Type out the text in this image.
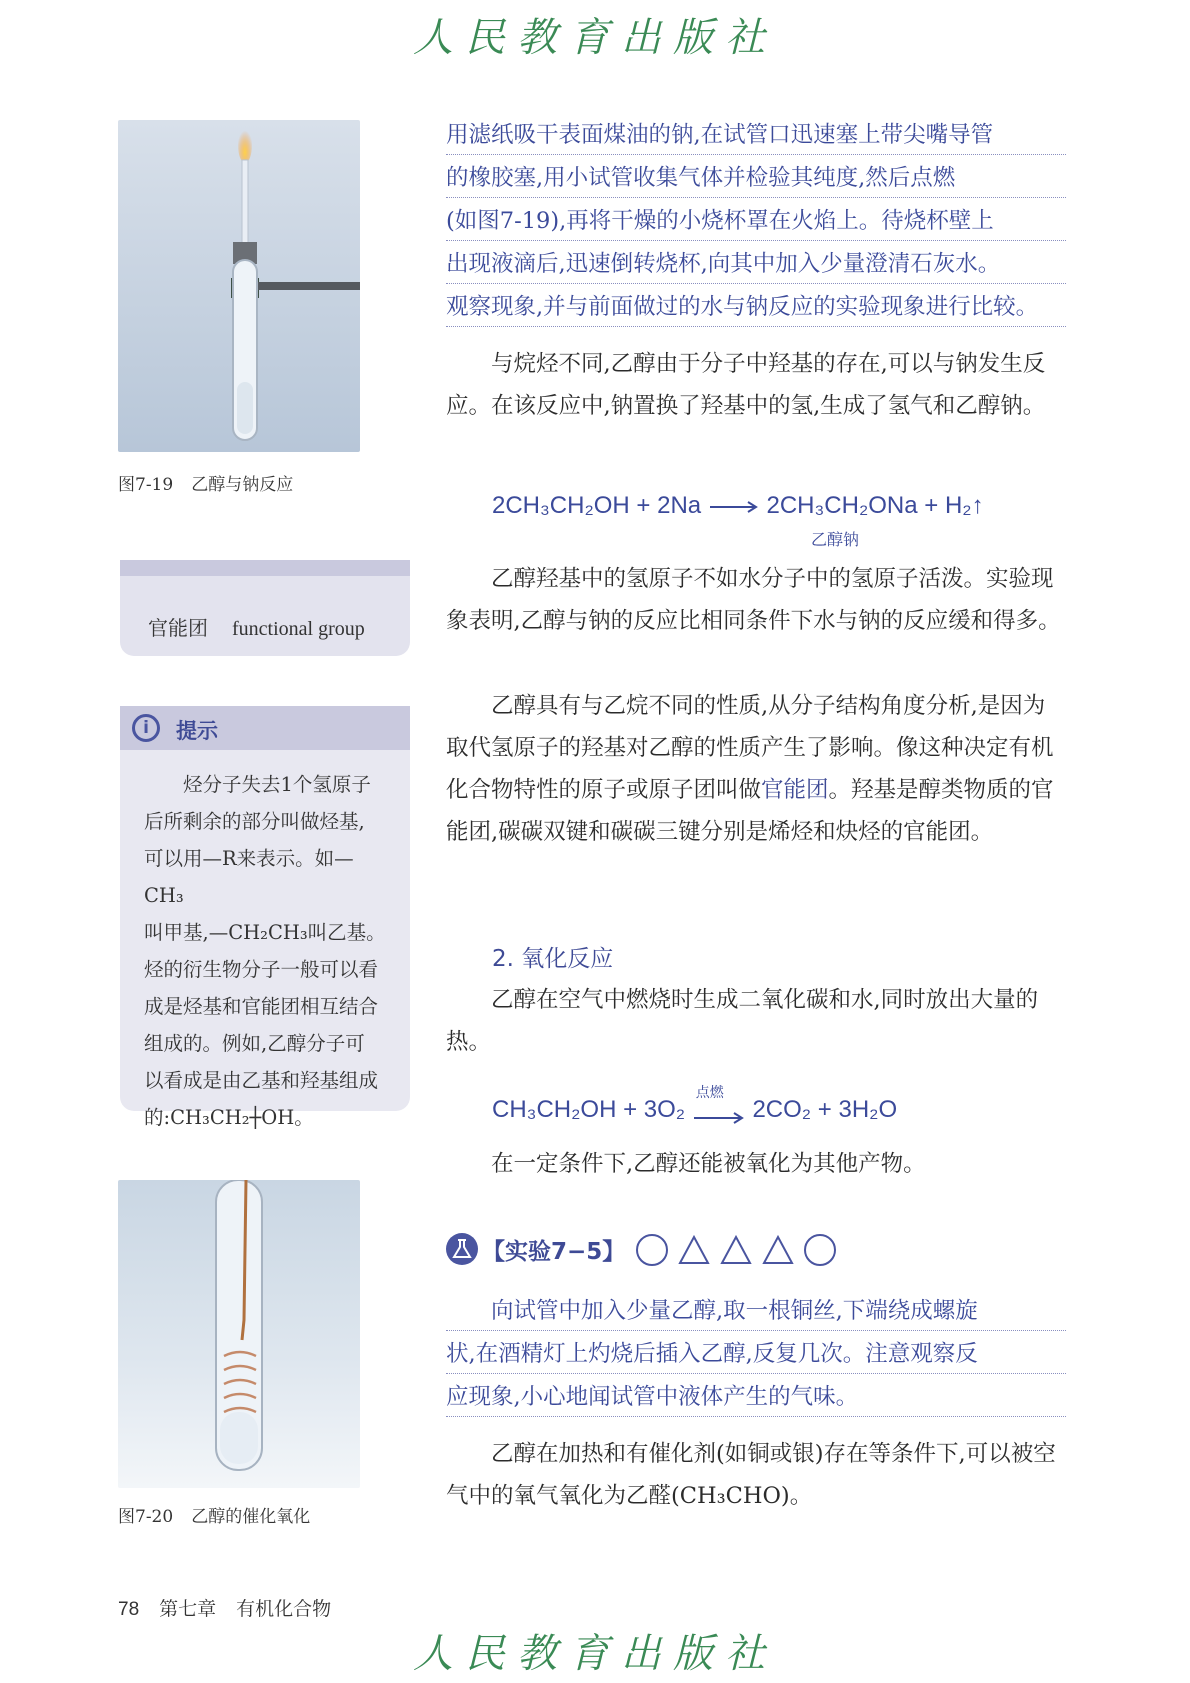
人民教育出版社
图7-19 乙醇与钠反应
官能团 functional group
i	提示
烃分子失去1个氢原子
后所剩余的部分叫做烃基,
可以用—R来表示。如—CH₃
叫甲基,—CH₂CH₃叫乙基。
烃的衍生物分子一般可以看
成是烃基和官能团相互结合
组成的。例如,乙醇分子可
以看成是由乙基和羟基组成
的:CH₃CH₂┼OH。
图7-20 乙醇的催化氧化
用滤纸吸干表面煤油的钠,在试管口迅速塞上带尖嘴导管
的橡胶塞,用小试管收集气体并检验其纯度,然后点燃
(如图7-19),再将干燥的小烧杯罩在火焰上。待烧杯壁上
出现液滴后,迅速倒转烧杯,向其中加入少量澄清石灰水。
观察现象,并与前面做过的水与钠反应的实验现象进行比较。

与烷烃不同,乙醇由于分子中羟基的存在,可以与钠发生反应。在该反应中,钠置换了羟基中的氢,生成了氢气和乙醇钠。

2CH₃CH₂OH + 2Na	2CH₃CH₂ONa + H₂↑
乙醇钠

乙醇羟基中的氢原子不如水分子中的氢原子活泼。实验现象表明,乙醇与钠的反应比相同条件下水与钠的反应缓和得多。

乙醇具有与乙烷不同的性质,从分子结构角度分析,是因为取代氢原子的羟基对乙醇的性质产生了影响。像这种决定有机化合物特性的原子或原子团叫做官能团。羟基是醇类物质的官能团,碳碳双键和碳碳三键分别是烯烃和炔烃的官能团。

2. 氧化反应

乙醇在空气中燃烧时生成二氧化碳和水,同时放出大量的热。

CH₃CH₂OH + 3O₂
点燃
2CO₂ + 3H₂O

在一定条件下,乙醇还能被氧化为其他产物。

【实验7−5】
向试管中加入少量乙醇,取一根铜丝,下端绕成螺旋
状,在酒精灯上灼烧后插入乙醇,反复几次。注意观察反
应现象,小心地闻试管中液体产生的气味。

乙醇在加热和有催化剂(如铜或银)存在等条件下,可以被空气中的氧气氧化为乙醛(CH₃CHO)。

78 第七章 有机化合物
人民教育出版社
